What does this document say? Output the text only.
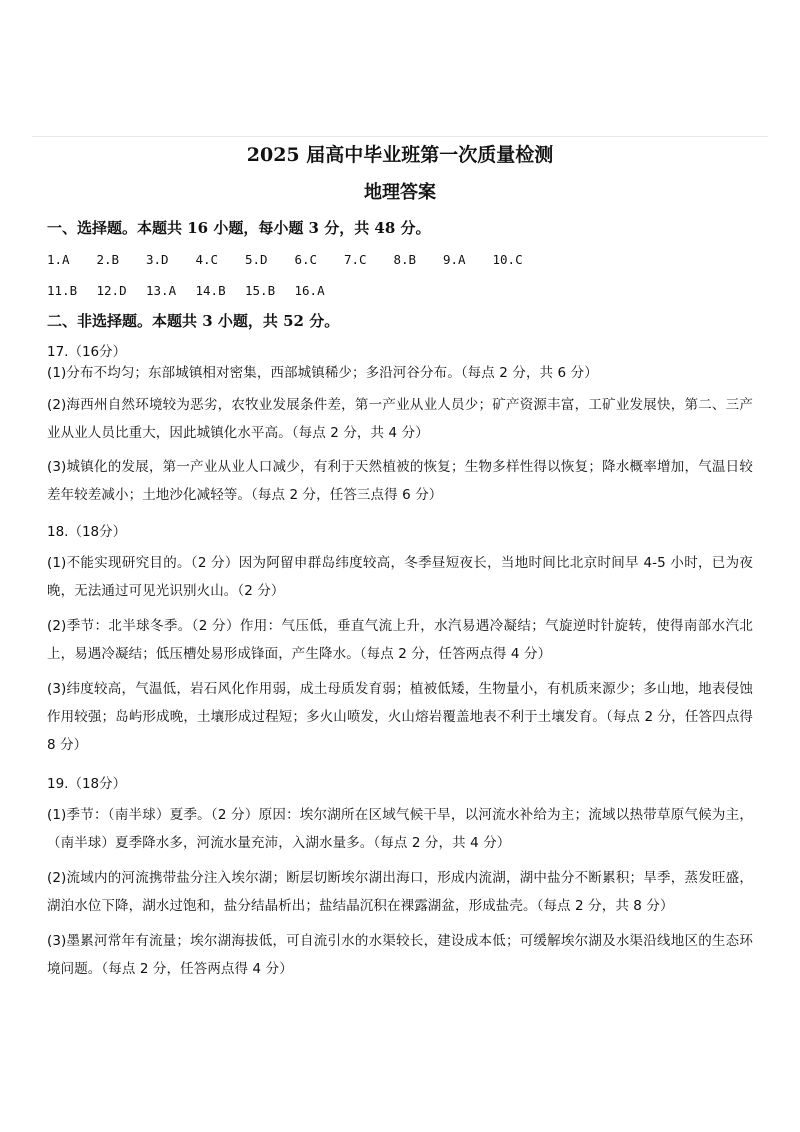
2025 届高中毕业班第一次质量检测
地理答案
一、选择题。本题共 16 小题，每小题 3 分，共 48 分。
1.A 2.B 3.D 4.C 5.D 6.C 7.C 8.B 9.A 10.C
11.B 12.D 13.A 14.B 15.B 16.A
二、非选择题。本题共 3 小题，共 52 分。
17.（16分）
(1)分布不均匀；东部城镇相对密集，西部城镇稀少；多沿河谷分布。（每点 2 分，共 6 分）
(2)海西州自然环境较为恶劣，农牧业发展条件差，第一产业从业人员少；矿产资源丰富，工矿业发展快，第二、三产业从业人员比重大，因此城镇化水平高。（每点 2 分，共 4 分）
(3)城镇化的发展，第一产业从业人口减少，有利于天然植被的恢复；生物多样性得以恢复；降水概率增加，气温日较差年较差减小；土地沙化减轻等。（每点 2 分，任答三点得 6 分）
18.（18分）
(1)不能实现研究目的。（2 分）因为阿留申群岛纬度较高，冬季昼短夜长，当地时间比北京时间早 4-5 小时，已为夜晚，无法通过可见光识别火山。（2 分）
(2)季节：北半球冬季。（2 分）作用：气压低，垂直气流上升，水汽易遇冷凝结；气旋逆时针旋转，使得南部水汽北上，易遇冷凝结；低压槽处易形成锋面，产生降水。（每点 2 分，任答两点得 4 分）
(3)纬度较高，气温低，岩石风化作用弱，成土母质发育弱；植被低矮，生物量小，有机质来源少；多山地，地表侵蚀作用较强；岛屿形成晚，土壤形成过程短；多火山喷发，火山熔岩覆盖地表不利于土壤发育。（每点 2 分，任答四点得 8 分）
19.（18分）
(1)季节：（南半球）夏季。（2 分）原因：埃尔湖所在区域气候干旱，以河流水补给为主；流域以热带草原气候为主，（南半球）夏季降水多，河流水量充沛，入湖水量多。（每点 2 分，共 4 分）
(2)流域内的河流携带盐分注入埃尔湖；断层切断埃尔湖出海口，形成内流湖，湖中盐分不断累积；旱季，蒸发旺盛，湖泊水位下降，湖水过饱和，盐分结晶析出；盐结晶沉积在裸露湖盆，形成盐壳。（每点 2 分，共 8 分）
(3)墨累河常年有流量；埃尔湖海拔低，可自流引水的水渠较长，建设成本低；可缓解埃尔湖及水渠沿线地区的生态环境问题。（每点 2 分，任答两点得 4 分）
